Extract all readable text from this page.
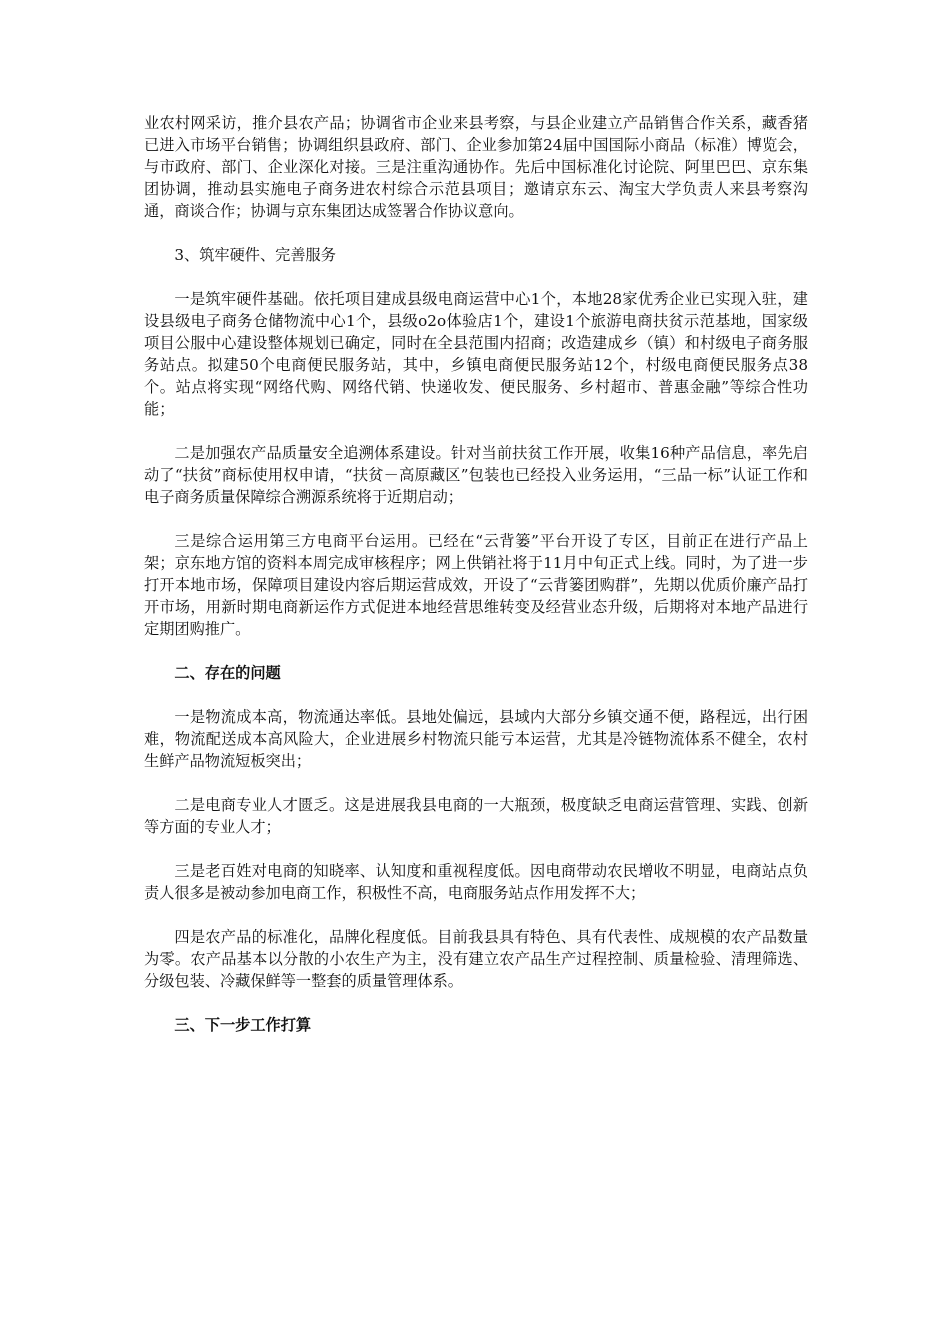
业农村网采访，推介县农产品；协调省市企业来县考察，与县企业建立产品销售合作关系，藏香猪已进入市场平台销售；协调组织县政府、部门、企业参加第24届中国国际小商品（标准）博览会，与市政府、部门、企业深化对接。三是注重沟通协作。先后中国标准化讨论院、阿里巴巴、京东集团协调，推动县实施电子商务进农村综合示范县项目；邀请京东云、淘宝大学负责人来县考察沟通，商谈合作；协调与京东集团达成签署合作协议意向。

3、筑牢硬件、完善服务

一是筑牢硬件基础。依托项目建成县级电商运营中心1个，本地28家优秀企业已实现入驻，建设县级电子商务仓储物流中心1个，县级o2o体验店1个，建设1个旅游电商扶贫示范基地，国家级项目公服中心建设整体规划已确定，同时在全县范围内招商；改造建成乡（镇）和村级电子商务服务站点。拟建50个电商便民服务站，其中，乡镇电商便民服务站12个，村级电商便民服务点38个。站点将实现“网络代购、网络代销、快递收发、便民服务、乡村超市、普惠金融”等综合性功能；

二是加强农产品质量安全追溯体系建设。针对当前扶贫工作开展，收集16种产品信息，率先启动了“扶贫”商标使用权申请，“扶贫－高原藏区”包装也已经投入业务运用，“三品一标”认证工作和电子商务质量保障综合溯源系统将于近期启动；

三是综合运用第三方电商平台运用。已经在“云背篓”平台开设了专区，目前正在进行产品上架；京东地方馆的资料本周完成审核程序；网上供销社将于11月中旬正式上线。同时，为了进一步打开本地市场，保障项目建设内容后期运营成效，开设了“云背篓团购群”，先期以优质价廉产品打开市场，用新时期电商新运作方式促进本地经营思维转变及经营业态升级，后期将对本地产品进行定期团购推广。

二、存在的问题

一是物流成本高，物流通达率低。县地处偏远，县域内大部分乡镇交通不便，路程远，出行困难，物流配送成本高风险大，企业进展乡村物流只能亏本运营，尤其是冷链物流体系不健全，农村生鲜产品物流短板突出；

二是电商专业人才匮乏。这是进展我县电商的一大瓶颈，极度缺乏电商运营管理、实践、创新等方面的专业人才；

三是老百姓对电商的知晓率、认知度和重视程度低。因电商带动农民增收不明显，电商站点负责人很多是被动参加电商工作，积极性不高，电商服务站点作用发挥不大；

四是农产品的标准化，品牌化程度低。目前我县具有特色、具有代表性、成规模的农产品数量为零。农产品基本以分散的小农生产为主，没有建立农产品生产过程控制、质量检验、清理筛选、分级包装、冷藏保鲜等一整套的质量管理体系。

三、下一步工作打算
